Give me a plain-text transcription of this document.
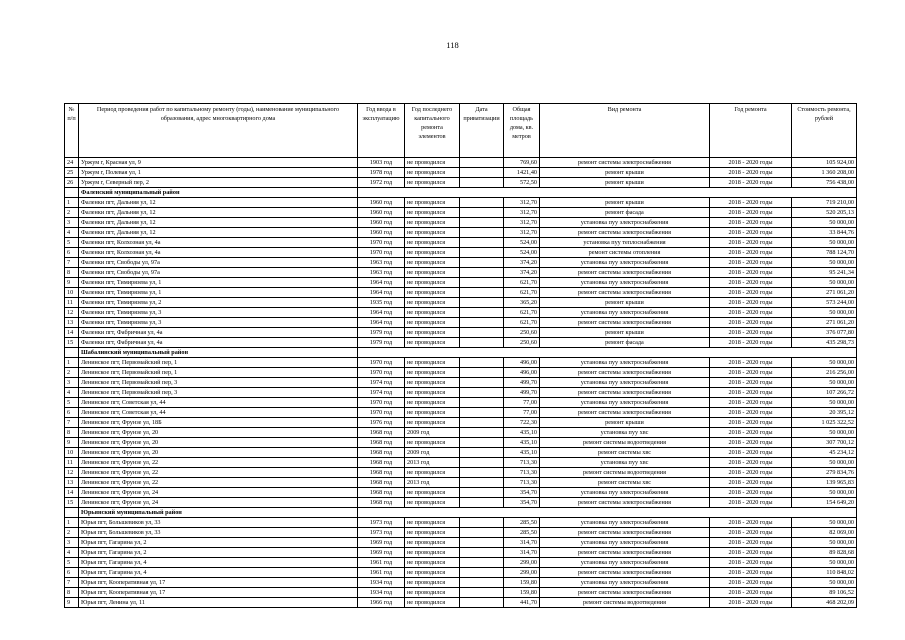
118
№ п/п	Период проведения работ по капитальному ремонту (годы), наименование муниципального образования, адрес многоквартирного дома	Год ввода в эксплуатацию	Год последнего капитального ремонта элементов	Дата приватизации	Общая площадь дома, кв. метров	Вид ремонта	Год ремонта	Стоимость ремонта, рублей
24	Уржум г, Красная ул, 9	1903 год	не проводился		769,60	ремонт системы электроснабжения	2018 - 2020 годы	105 924,00
25	Уржум г, Полевая ул, 1	1978 год	не проводился		1421,40	ремонт крыши	2018 - 2020 годы	1 360 208,00
26	Уржум г, Северный пер, 2	1972 год	не проводился		572,50	ремонт крыши	2018 - 2020 годы	756 438,00
	Фаленский муниципальный район							
1	Фаленки пгт, Дальняя ул, 12	1960 год	не проводился		312,70	ремонт крыши	2018 - 2020 годы	719 210,00
2	Фаленки пгт, Дальняя ул, 12	1960 год	не проводился		312,70	ремонт фасада	2018 - 2020 годы	520 205,13
3	Фаленки пгт, Дальняя ул, 12	1960 год	не проводился		312,70	установка пуу электроснабжения	2018 - 2020 годы	50 000,00
4	Фаленки пгт, Дальняя ул, 12	1960 год	не проводился		312,70	ремонт системы электроснабжения	2018 - 2020 годы	33 844,76
5	Фаленки пгт, Колхозная ул, 4а	1970 год	не проводился		524,00	установка пуу теплоснабжения	2018 - 2020 годы	50 000,00
6	Фаленки пгт, Колхозная ул, 4а	1970 год	не проводился		524,00	ремонт системы отопления	2018 - 2020 годы	788 124,70
7	Фаленки пгт, Свободы ул, 97а	1963 год	не проводился		374,20	установка пуу электроснабжения	2018 - 2020 годы	50 000,00
8	Фаленки пгт, Свободы ул, 97а	1963 год	не проводился		374,20	ремонт системы электроснабжения	2018 - 2020 годы	95 241,34
9	Фаленки пгт, Тимирязева ул, 1	1964 год	не проводился		621,70	установка пуу электроснабжения	2018 - 2020 годы	50 000,00
10	Фаленки пгт, Тимирязева ул, 1	1964 год	не проводился		621,70	ремонт системы электроснабжения	2018 - 2020 годы	271 061,20
11	Фаленки пгт, Тимирязева ул, 2	1935 год	не проводился		365,20	ремонт крыши	2018 - 2020 годы	573 244,00
12	Фаленки пгт, Тимирязева ул, 3	1964 год	не проводился		621,70	установка пуу электроснабжения	2018 - 2020 годы	50 000,00
13	Фаленки пгт, Тимирязева ул, 3	1964 год	не проводился		621,70	ремонт системы электроснабжения	2018 - 2020 годы	271 061,20
14	Фаленки пгт, Фабричная ул, 4а	1979 год	не проводился		250,60	ремонт крыши	2018 - 2020 годы	376 077,80
15	Фаленки пгт, Фабричная ул, 4а	1979 год	не проводился		250,60	ремонт фасада	2018 - 2020 годы	435 298,73
	Шабалинский муниципальный район							
1	Ленинское пгт, Первомайский пер, 1	1970 год	не проводился		496,00	установка пуу электроснабжения	2018 - 2020 годы	50 000,00
2	Ленинское пгт, Первомайский пер, 1	1970 год	не проводился		496,00	ремонт системы электроснабжения	2018 - 2020 годы	216 256,00
3	Ленинское пгт, Первомайский пер, 3	1974 год	не проводился		499,70	установка пуу электроснабжения	2018 - 2020 годы	50 000,00
4	Ленинское пгт, Первомайский пер, 3	1974 год	не проводился		499,70	ремонт системы электроснабжения	2018 - 2020 годы	107 266,72
5	Ленинское пгт, Советская ул, 44	1970 год	не проводился		77,00	установка пуу электроснабжения	2018 - 2020 годы	50 000,00
6	Ленинское пгт, Советская ул, 44	1970 год	не проводился		77,00	ремонт системы электроснабжения	2018 - 2020 годы	20 395,12
7	Ленинское пгт, Фрунзе ул, 18Б	1976 год	не проводился		722,30	ремонт крыши	2018 - 2020 годы	1 025 322,52
8	Ленинское пгт, Фрунзе ул, 20	1968 год	2009 год		435,10	установка пуу хвс	2018 - 2020 годы	50 000,00
9	Ленинское пгт, Фрунзе ул, 20	1968 год	не проводился		435,10	ремонт системы водоотведения	2018 - 2020 годы	307 700,12
10	Ленинское пгт, Фрунзе ул, 20	1968 год	2009 год		435,10	ремонт системы хвс	2018 - 2020 годы	45 234,12
11	Ленинское пгт, Фрунзе ул, 22	1968 год	2013 год		713,30	установка пуу хвс	2018 - 2020 годы	50 000,00
12	Ленинское пгт, Фрунзе ул, 22	1968 год	не проводился		713,30	ремонт системы водоотведения	2018 - 2020 годы	279 834,76
13	Ленинское пгт, Фрунзе ул, 22	1968 год	2013 год		713,30	ремонт системы хвс	2018 - 2020 годы	139 965,83
14	Ленинское пгт, Фрунзе ул, 24	1968 год	не проводился		354,70	установка пуу электроснабжения	2018 - 2020 годы	50 000,00
15	Ленинское пгт, Фрунзе ул, 24	1968 год	не проводился		354,70	ремонт системы электроснабжения	2018 - 2020 годы	154 649,20
	Юрьянский муниципальный район							
1	Юрья пгт, Большевиков ул, 33	1973 год	не проводился		285,50	установка пуу электроснабжения	2018 - 2020 годы	50 000,00
2	Юрья пгт, Большевиков ул, 33	1973 год	не проводился		285,50	ремонт системы электроснабжения	2018 - 2020 годы	82 069,00
3	Юрья пгт, Гагарина ул, 2	1969 год	не проводился		314,70	установка пуу электроснабжения	2018 - 2020 годы	50 000,00
4	Юрья пгт, Гагарина ул, 2	1969 год	не проводился		314,70	ремонт системы электроснабжения	2018 - 2020 годы	89 828,68
5	Юрья пгт, Гагарина ул, 4	1961 год	не проводился		299,00	установка пуу электроснабжения	2018 - 2020 годы	50 000,00
6	Юрья пгт, Гагарина ул, 4	1961 год	не проводился		299,00	ремонт системы электроснабжения	2018 - 2020 годы	110 848,02
7	Юрья пгт, Кооперативная ул, 17	1934 год	не проводился		159,80	установка пуу электроснабжения	2018 - 2020 годы	50 000,00
8	Юрья пгт, Кооперативная ул, 17	1934 год	не проводился		159,80	ремонт системы электроснабжения	2018 - 2020 годы	89 106,52
9	Юрья пгт, Ленина ул, 11	1966 год	не проводился		441,70	ремонт системы водоотведения	2018 - 2020 годы	468 202,09
